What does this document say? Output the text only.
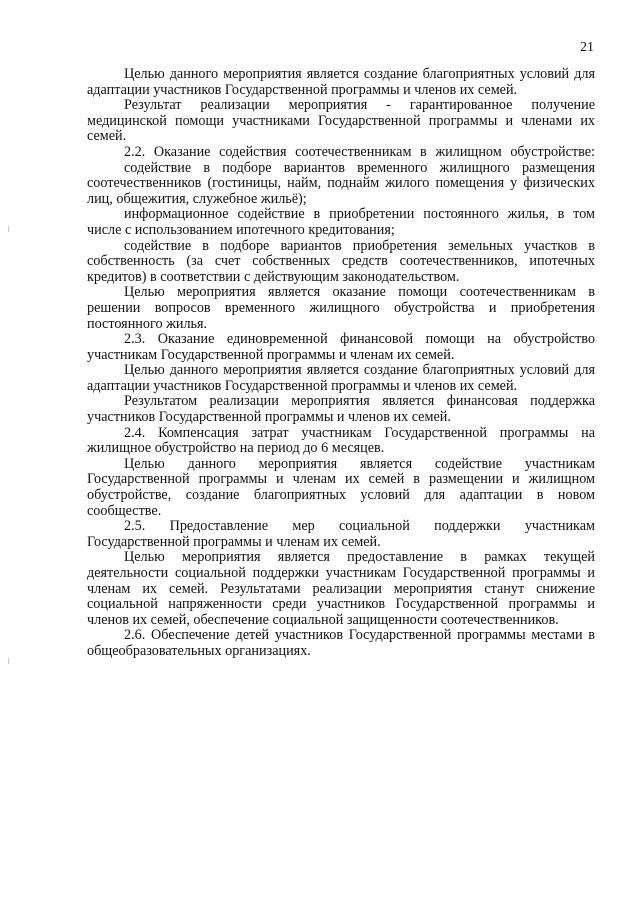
21

Целью данного мероприятия является создание благоприятных условий для адаптации участников Государственной программы и членов их семей.

Результат реализации мероприятия - гарантированное получение медицинской помощи участниками Государственной программы и членами их семей.

2.2. Оказание содействия соотечественникам в жилищном обустройстве:

содействие в подборе вариантов временного жилищного размещения соотечественников (гостиницы, найм, поднайм жилого помещения у физических лиц, общежития, служебное жильё);

информационное содействие в приобретении постоянного жилья, в том числе с использованием ипотечного кредитования;

содействие в подборе вариантов приобретения земельных участков в собственность (за счет собственных средств соотечественников, ипотечных кредитов) в соответствии с действующим законодательством.

Целью мероприятия является оказание помощи соотечественникам в решении вопросов временного жилищного обустройства и приобретения постоянного жилья.

2.3. Оказание единовременной финансовой помощи на обустройство участникам Государственной программы и членам их семей.

Целью данного мероприятия является создание благоприятных условий для адаптации участников Государственной программы и членов их семей.

Результатом реализации мероприятия является финансовая поддержка участников Государственной программы и членов их семей.

2.4. Компенсация затрат участникам Государственной программы на жилищное обустройство на период до 6 месяцев.

Целью данного мероприятия является содействие участникам Государственной программы и членам их семей в размещении и жилищном обустройстве, создание благоприятных условий для адаптации в новом сообществе.

2.5. Предоставление мер социальной поддержки участникам Государственной программы и членам их семей.

Целью мероприятия является предоставление в рамках текущей деятельности социальной поддержки участникам Государственной программы и членам их семей. Результатами реализации мероприятия станут снижение социальной напряженности среди участников Государственной программы и членов их семей, обеспечение социальной защищенности соотечественников.

2.6. Обеспечение детей участников Государственной программы местами в общеобразовательных организациях.
